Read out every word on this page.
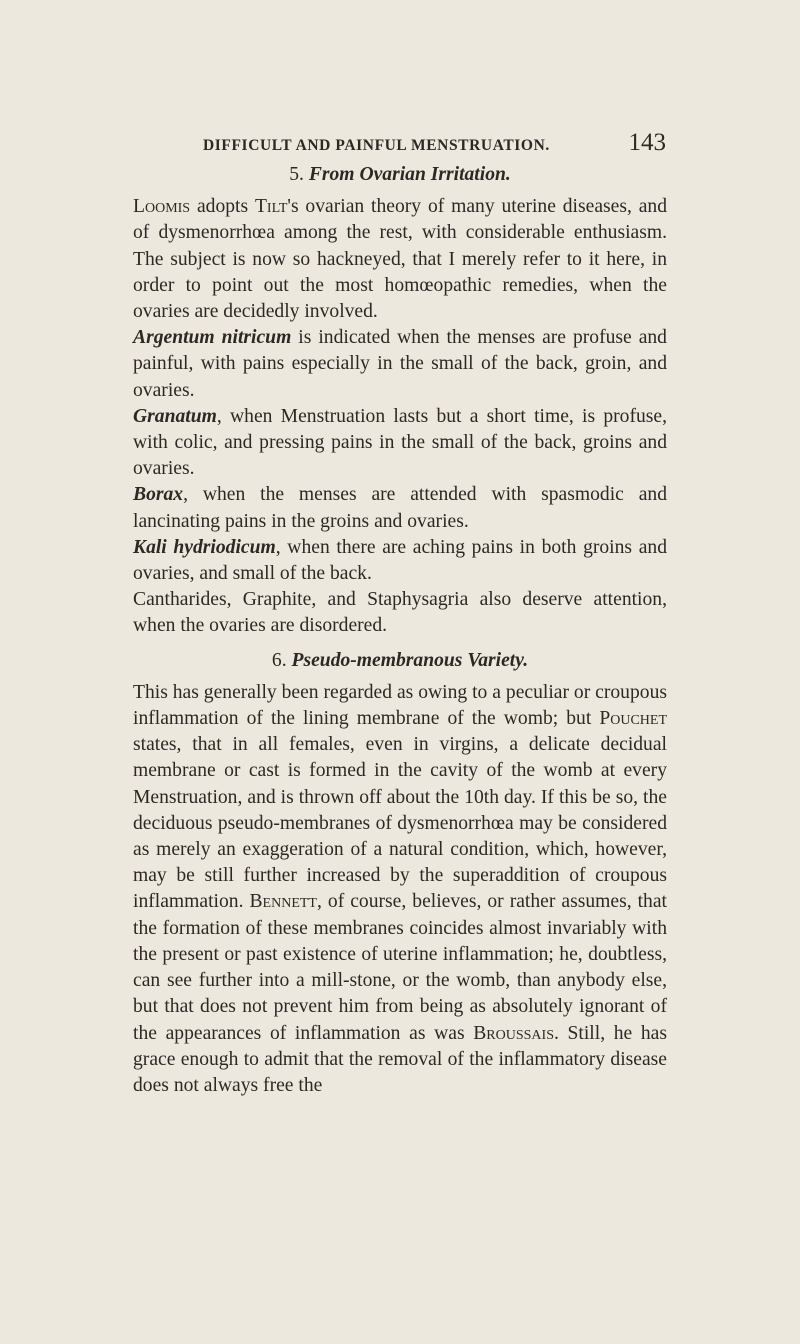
DIFFICULT AND PAINFUL MENSTRUATION.	143
5. From Ovarian Irritation.

Loomis adopts Tilt's ovarian theory of many uterine diseases, and of dysmenorrhœa among the rest, with considerable enthusiasm. The subject is now so hackneyed, that I merely refer to it here, in order to point out the most homœopathic remedies, when the ovaries are decidedly involved.

Argentum nitricum is indicated when the menses are profuse and painful, with pains especially in the small of the back, groin, and ovaries.

Granatum, when Menstruation lasts but a short time, is profuse, with colic, and pressing pains in the small of the back, groins and ovaries.

Borax, when the menses are attended with spasmodic and lancinating pains in the groins and ovaries.

Kali hydriodicum, when there are aching pains in both groins and ovaries, and small of the back.

Cantharides, Graphite, and Staphysagria also deserve attention, when the ovaries are disordered.

6. Pseudo-membranous Variety.

This has generally been regarded as owing to a peculiar or croupous inflammation of the lining membrane of the womb; but Pouchet states, that in all females, even in virgins, a delicate decidual membrane or cast is formed in the cavity of the womb at every Menstruation, and is thrown off about the 10th day. If this be so, the deciduous pseudo-membranes of dysmenorrhœa may be considered as merely an exaggeration of a natural condition, which, however, may be still further increased by the superaddition of croupous inflammation. Bennett, of course, believes, or rather assumes, that the formation of these membranes coincides almost invariably with the present or past existence of uterine inflammation; he, doubtless, can see further into a mill-stone, or the womb, than anybody else, but that does not prevent him from being as absolutely ignorant of the appearances of inflammation as was Broussais. Still, he has grace enough to admit that the removal of the inflammatory disease does not always free the
